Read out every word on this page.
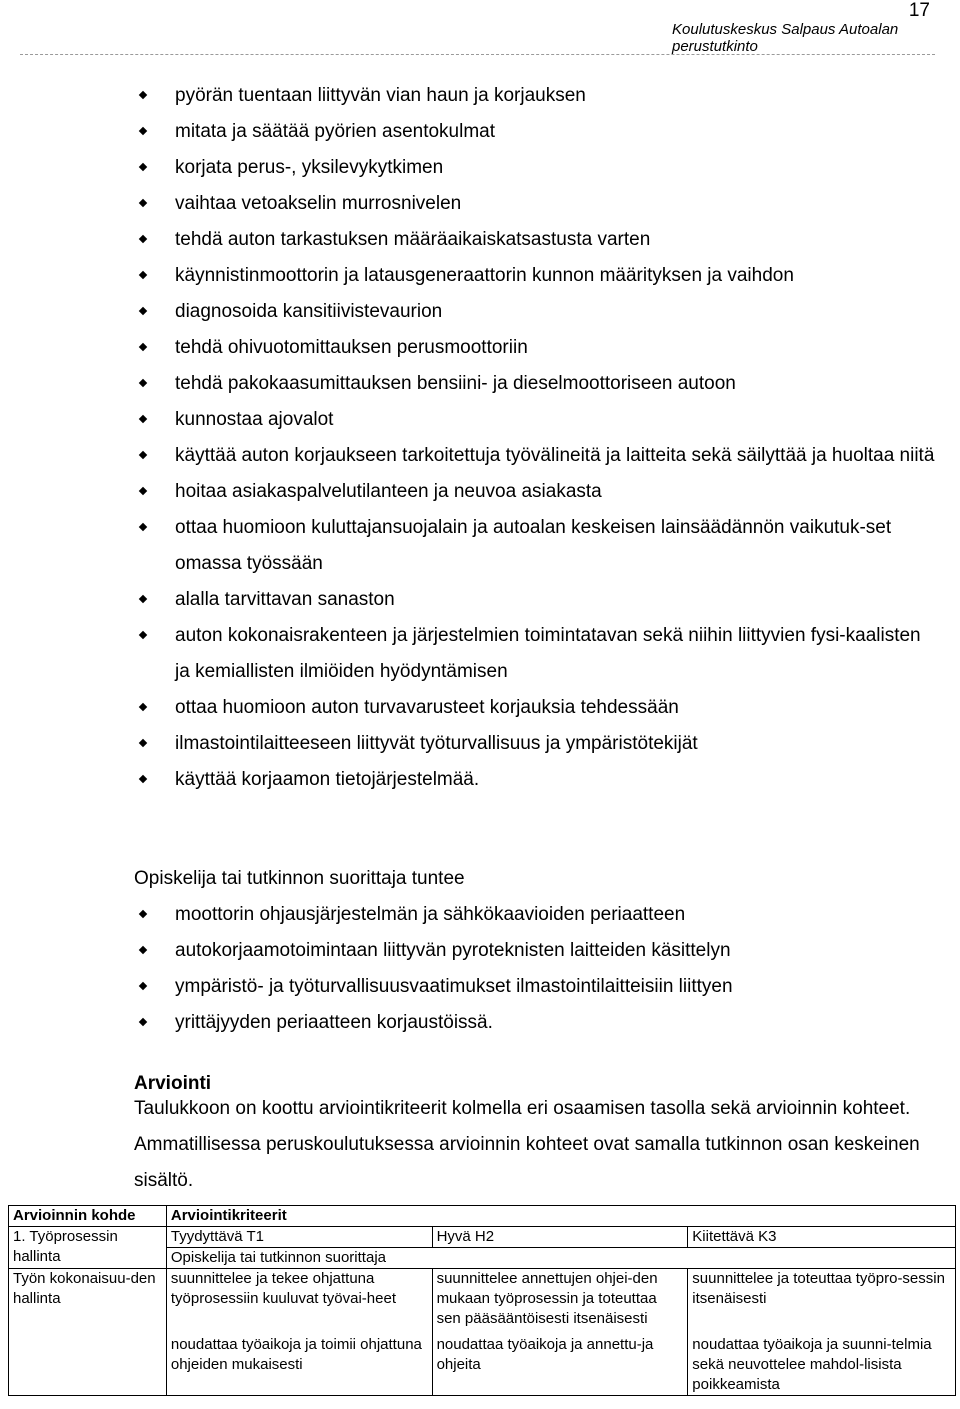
17
Koulutuskeskus Salpaus Autoalan perustutkinto
pyörän tuentaan liittyvän vian haun ja korjauksen
mitata ja säätää pyörien asentokulmat
korjata perus-, yksilevykytkimen
vaihtaa vetoakselin murrosnivelen
tehdä auton tarkastuksen määräaikaiskatsastusta varten
käynnistinmoottorin ja latausgeneraattorin kunnon määrityksen ja vaihdon
diagnosoida kansitiivistevaurion
tehdä ohivuotomittauksen perusmoottoriin
tehdä pakokaasumittauksen bensiini- ja dieselmoottoriseen autoon
kunnostaa ajovalot
käyttää auton korjaukseen tarkoitettuja työvälineitä ja laitteita sekä säilyttää ja huoltaa niitä
hoitaa asiakaspalvelutilanteen ja neuvoa asiakasta
ottaa huomioon kuluttajansuojalain ja autoalan keskeisen lainsäädännön vaikutuk-set omassa työssään
alalla tarvittavan sanaston
auton kokonaisrakenteen ja järjestelmien toimintatavan sekä niihin liittyvien fysi-kaalisten ja kemiallisten ilmiöiden hyödyntämisen
ottaa huomioon auton turvavarusteet korjauksia tehdessään
ilmastointilaitteeseen liittyvät työturvallisuus ja ympäristötekijät
käyttää korjaamon tietojärjestelmää.
Opiskelija tai tutkinnon suorittaja tuntee
moottorin ohjausjärjestelmän ja sähkökaavioiden periaatteen
autokorjaamotoimintaan liittyvän pyroteknisten laitteiden käsittelyn
ympäristö- ja työturvallisuusvaatimukset ilmastointilaitteisiin liittyen
yrittäjyyden periaatteen korjaustöissä.
Arviointi
Taulukkoon on koottu arviointikriteerit kolmella eri osaamisen tasolla sekä arvioinnin kohteet. Ammatillisessa peruskoulutuksessa arvioinnin kohteet ovat samalla tutkinnon osan keskeinen sisältö.
Arvioinnin kohde	Arviointikriteerit		
1. Työprosessin hallinta	Tyydyttävä T1	Hyvä H2	Kiitettävä K3
	Opiskelija tai tutkinnon suorittaja		
Työn kokonaisuu-den hallinta	suunnittelee ja tekee ohjattuna työprosessiin kuuluvat työvai-heet	suunnittelee annettujen ohjei-den mukaan työprosessin ja toteuttaa sen pääsääntöisesti itsenäisesti	suunnittelee ja toteuttaa työpro-sessin itsenäisesti
	noudattaa työaikoja ja toimii ohjattuna ohjeiden mukaisesti	noudattaa työaikoja ja annettu-ja ohjeita	noudattaa työaikoja ja suunni-telmia sekä neuvottelee mahdol-lisista poikkeamista
